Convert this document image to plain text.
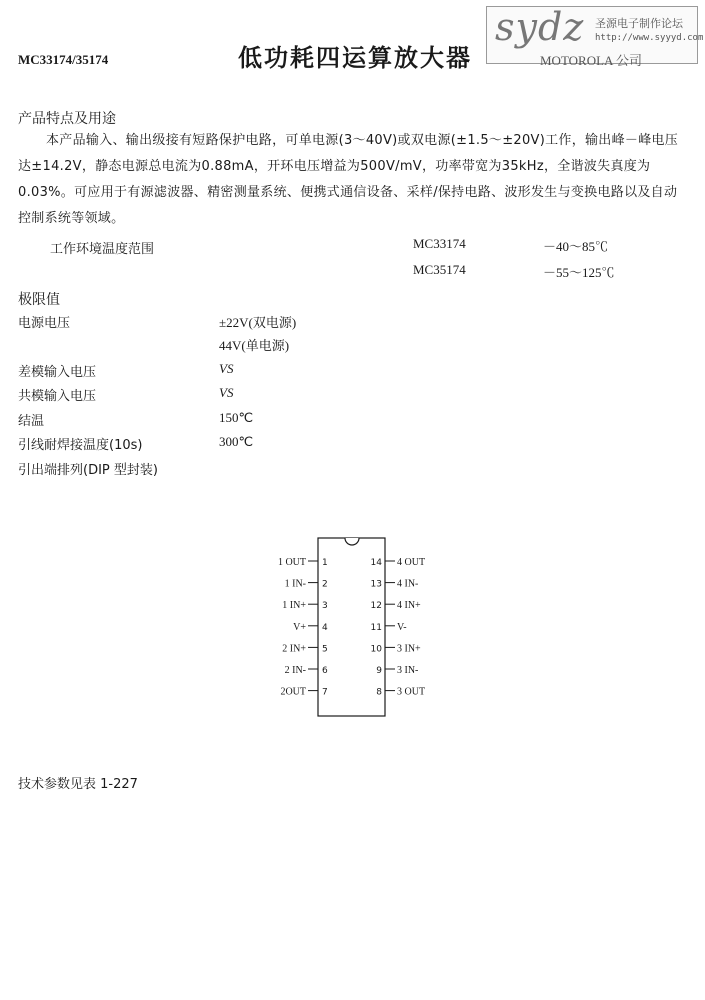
sydz 圣源电子制作论坛
http://www.syyyd.com
MC33174/35174	低功耗四运算放大器	MOTOROLA 公司
产品特点及用途
本产品输入、输出级接有短路保护电路，可单电源(3～40V)或双电源(±1.5～±20V)工作，输出峰－峰电压达±14.2V，静态电源总电流为0.88mA，开环电压增益为500V/mV，功率带宽为35kHz，全谐波失真度为0.03%。可应用于有源滤波器、精密测量系统、便携式通信设备、采样/保持电路、波形发生与变换电路以及自动控制系统等领域。
工作环境温度范围	MC33174	－40～85℃
MC35174	－55～125℃
极限值
电源电压	±22V(双电源)
44V(单电源)
差模输入电压	VS
共模输入电压	VS
结温	150℃
引线耐焊接温度(10s)	300℃
引出端排列(DIP 型封装)
1
1 OUT
2
1 IN-
3
1 IN+
4
V+
5
2 IN+
6
2 IN-
7
2OUT
14 4 OUT
13 4 IN-
12 4 IN+
11 V-
10 3 IN+
9 3 IN-
8 3 OUT
技术参数见表 1-227
